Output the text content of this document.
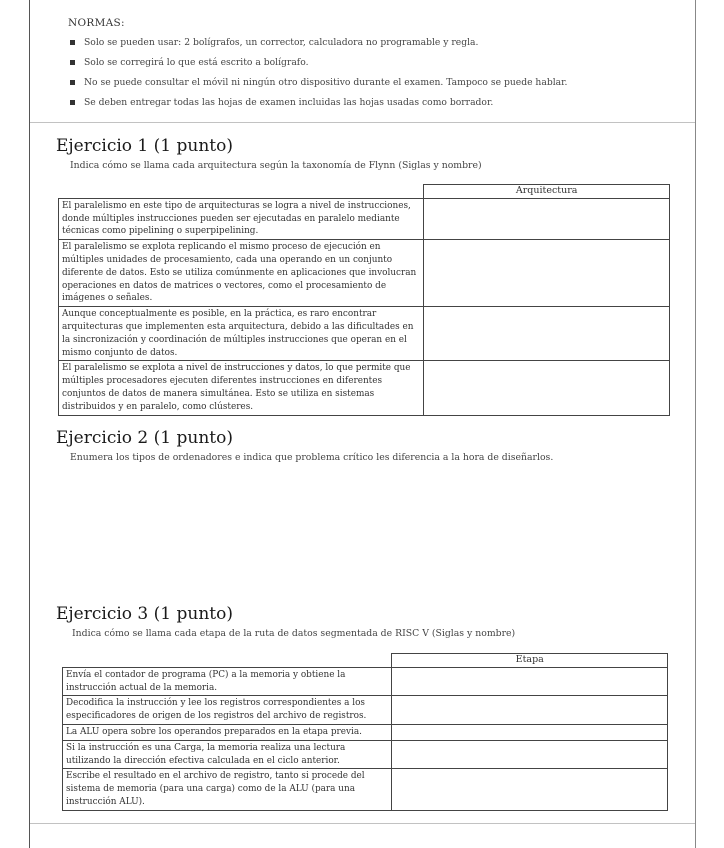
NORMAS:
Solo se pueden usar: 2 bolígrafos, un corrector, calculadora no programable y regla.
Solo se corregirá lo que está escrito a bolígrafo.
No se puede consultar el móvil ni ningún otro dispositivo durante el examen. Tampoco se puede hablar.
Se deben entregar todas las hojas de examen incluidas las hojas usadas como borrador.
Ejercicio 1 (1 punto)
Indica cómo se llama cada arquitectura según la taxonomía de Flynn (Siglas y nombre)
	Arquitectura
El paralelismo en este tipo de arquitecturas se logra a nivel de instrucciones, donde múltiples instrucciones pueden ser ejecutadas en paralelo mediante técnicas como pipelining o superpipelining.	
El paralelismo se explota replicando el mismo proceso de ejecución en múltiples unidades de procesamiento, cada una operando en un conjunto diferente de datos. Esto se utiliza comúnmente en aplicaciones que involucran operaciones en datos de matrices o vectores, como el procesamiento de imágenes o señales.	
Aunque conceptualmente es posible, en la práctica, es raro encontrar arquitecturas que implementen esta arquitectura, debido a las dificultades en la sincronización y coordinación de múltiples instrucciones que operan en el mismo conjunto de datos.	
El paralelismo se explota a nivel de instrucciones y datos, lo que permite que múltiples procesadores ejecuten diferentes instrucciones en diferentes conjuntos de datos de manera simultánea. Esto se utiliza en sistemas distribuidos y en paralelo, como clústeres.	
Ejercicio 2 (1 punto)
Enumera los tipos de ordenadores e indica que problema crítico les diferencia a la hora de diseñarlos.
Ejercicio 3 (1 punto)
Indica cómo se llama cada etapa de la ruta de datos segmentada de RISC V (Siglas y nombre)
	Etapa
Envía el contador de programa (PC) a la memoria y obtiene la instrucción actual de la memoria.	
Decodifica la instrucción y lee los registros correspondientes a los especificadores de origen de los registros del archivo de registros.	
La ALU opera sobre los operandos preparados en la etapa previa.	
Si la instrucción es una Carga, la memoria realiza una lectura utilizando la dirección efectiva calculada en el ciclo anterior.	
Escribe el resultado en el archivo de registro, tanto si procede del sistema de memoria (para una carga) como de la ALU (para una instrucción ALU).	
